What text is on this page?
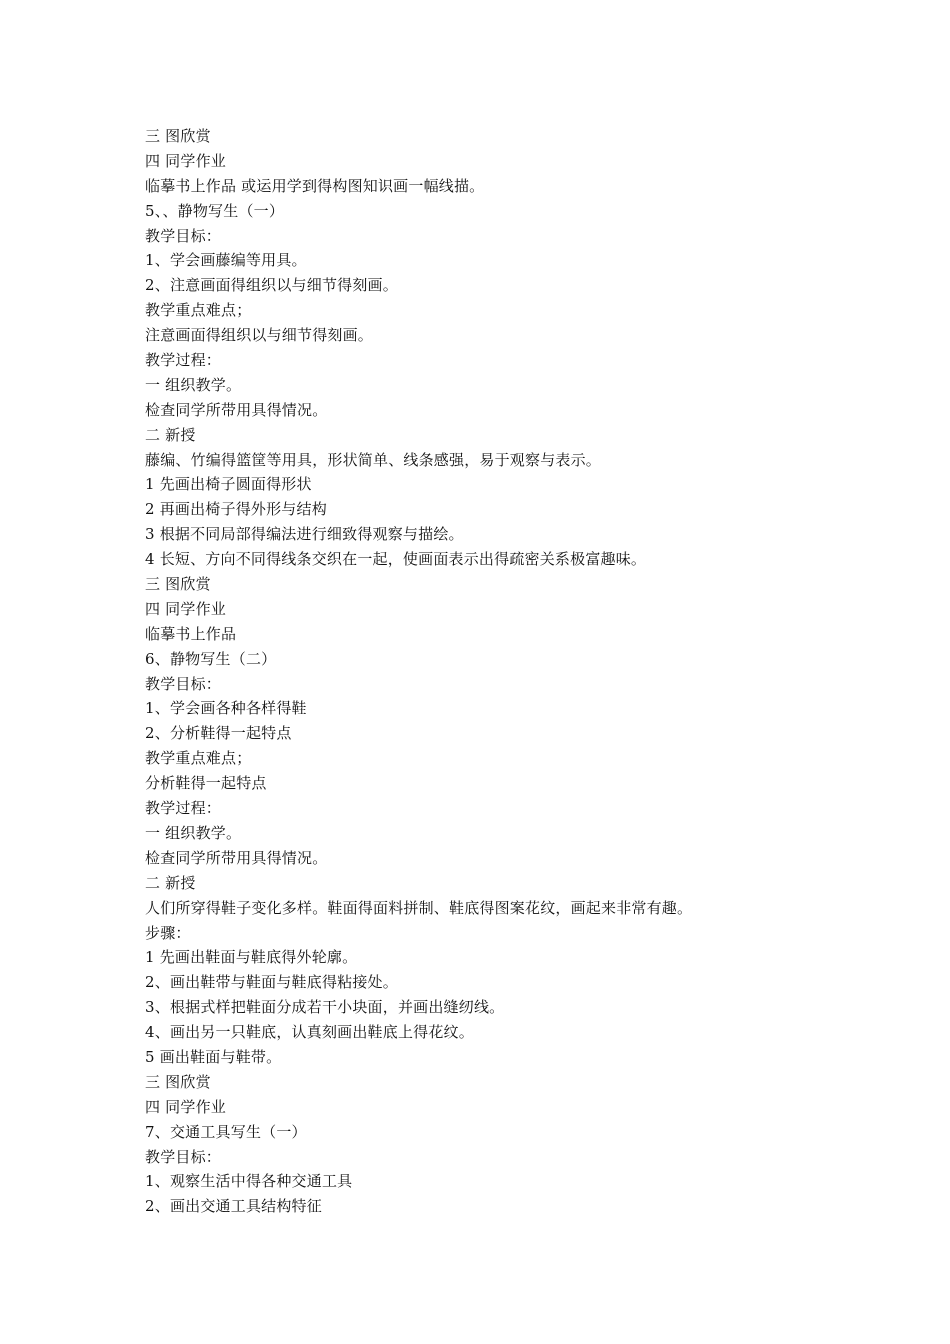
三 图欣赏
四 同学作业
临摹书上作品 或运用学到得构图知识画一幅线描。
5、、静物写生（一）
教学目标：
1、学会画藤编等用具。
2、注意画面得组织以与细节得刻画。
教学重点难点；
注意画面得组织以与细节得刻画。
教学过程：
一 组织教学。
检查同学所带用具得情况。
二 新授
藤编、竹编得篮筐等用具，形状简单、线条感强，易于观察与表示。
1 先画出椅子圆面得形状
2 再画出椅子得外形与结构
3 根据不同局部得编法进行细致得观察与描绘。
4 长短、方向不同得线条交织在一起，使画面表示出得疏密关系极富趣味。
三 图欣赏
四 同学作业
临摹书上作品
6、静物写生（二）
教学目标：
1、学会画各种各样得鞋
2、分析鞋得一起特点
教学重点难点；
分析鞋得一起特点
教学过程：
一 组织教学。
检查同学所带用具得情况。
二 新授
人们所穿得鞋子变化多样。鞋面得面料拼制、鞋底得图案花纹，画起来非常有趣。
步骤：
1 先画出鞋面与鞋底得外轮廓。
2、画出鞋带与鞋面与鞋底得粘接处。
3、根据式样把鞋面分成若干小块面，并画出缝纫线。
4、画出另一只鞋底，认真刻画出鞋底上得花纹。
5 画出鞋面与鞋带。
三 图欣赏
四 同学作业
7、交通工具写生（一）
教学目标：
1、观察生活中得各种交通工具
2、画出交通工具结构特征
